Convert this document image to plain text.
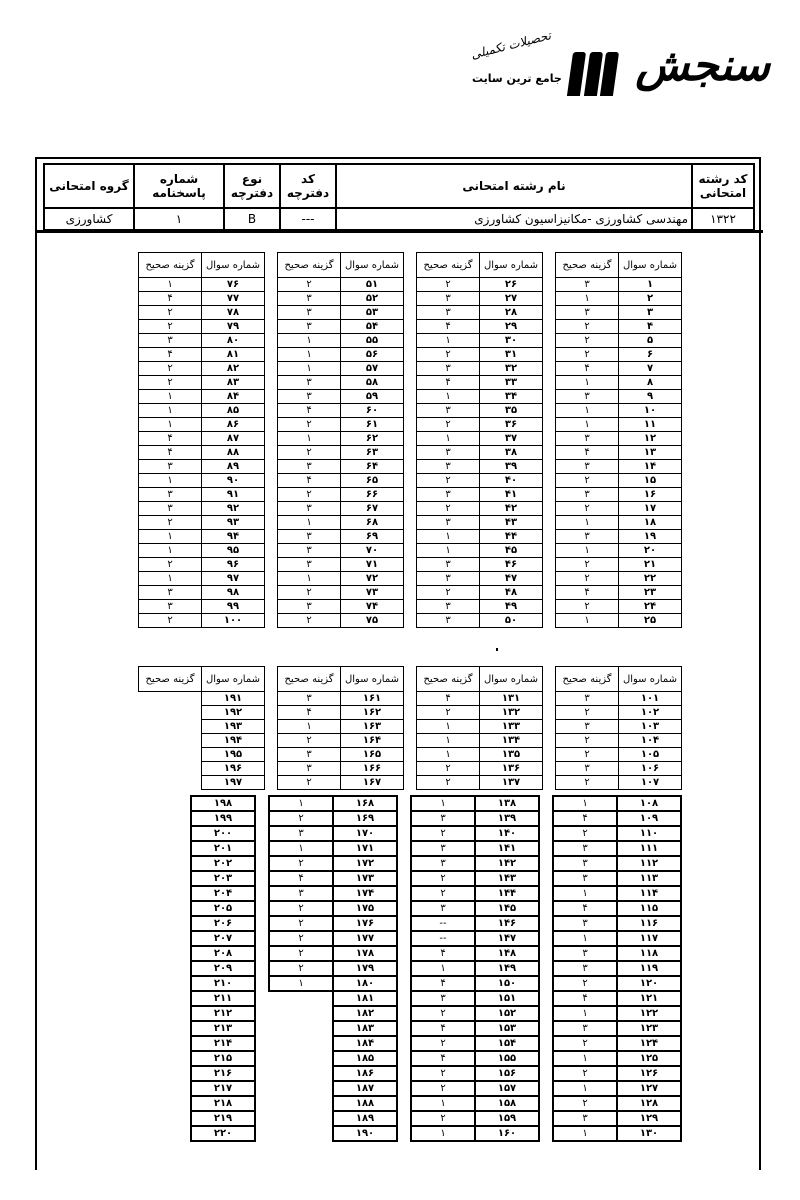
سنجش
جامع ترین سایت
تحصیلات تکمیلی
کد رشته امتحانی	نام رشته امتحانی	کد دفترچه	نوع دفترچه	شماره پاسخنامه	گروه امتحانی
۱۳۲۲	مهندسی کشاورزی -مکانیزاسیون کشاورزی	---	B	۱	کشاورزی
شماره سوال	گزینه صحیح
۱	۳
۲	۱
۳	۳
۴	۲
۵	۲
۶	۲
۷	۴
۸	۱
۹	۳
۱۰	۱
۱۱	۱
۱۲	۳
۱۳	۴
۱۴	۳
۱۵	۲
۱۶	۳
۱۷	۲
۱۸	۱
۱۹	۳
۲۰	۱
۲۱	۲
۲۲	۲
۲۳	۴
۲۴	۲
۲۵	۱
شماره سوال	گزینه صحیح
۲۶	۲
۲۷	۳
۲۸	۳
۲۹	۴
۳۰	۱
۳۱	۲
۳۲	۳
۳۳	۴
۳۴	۱
۳۵	۳
۳۶	۲
۳۷	۱
۳۸	۳
۳۹	۳
۴۰	۲
۴۱	۳
۴۲	۲
۴۳	۳
۴۴	۱
۴۵	۱
۴۶	۳
۴۷	۳
۴۸	۲
۴۹	۳
۵۰	۳
شماره سوال	گزینه صحیح
۵۱	۲
۵۲	۳
۵۳	۳
۵۴	۳
۵۵	۱
۵۶	۱
۵۷	۱
۵۸	۳
۵۹	۳
۶۰	۴
۶۱	۲
۶۲	۱
۶۳	۲
۶۴	۳
۶۵	۴
۶۶	۲
۶۷	۳
۶۸	۱
۶۹	۳
۷۰	۳
۷۱	۳
۷۲	۱
۷۳	۲
۷۴	۳
۷۵	۲
شماره سوال	گزینه صحیح
۷۶	۱
۷۷	۴
۷۸	۲
۷۹	۲
۸۰	۳
۸۱	۴
۸۲	۲
۸۳	۲
۸۴	۱
۸۵	۱
۸۶	۱
۸۷	۴
۸۸	۴
۸۹	۳
۹۰	۱
۹۱	۳
۹۲	۳
۹۳	۲
۹۴	۱
۹۵	۱
۹۶	۲
۹۷	۱
۹۸	۳
۹۹	۳
۱۰۰	۲
شماره سوال	گزینه صحیح
۱۰۱	۳
۱۰۲	۲
۱۰۳	۳
۱۰۴	۲
۱۰۵	۲
۱۰۶	۳
۱۰۷	۲
شماره سوال	گزینه صحیح
۱۳۱	۴
۱۳۲	۲
۱۳۳	۱
۱۳۴	۱
۱۳۵	۱
۱۳۶	۲
۱۳۷	۲
شماره سوال	گزینه صحیح
۱۶۱	۳
۱۶۲	۴
۱۶۳	۱
۱۶۴	۲
۱۶۵	۳
۱۶۶	۳
۱۶۷	۲
شماره سوال	گزینه صحیح
۱۹۱	
۱۹۲	
۱۹۳	
۱۹۴	
۱۹۵	
۱۹۶	
۱۹۷	
۱۰۸	۱
۱۰۹	۴
۱۱۰	۲
۱۱۱	۳
۱۱۲	۳
۱۱۳	۳
۱۱۴	۱
۱۱۵	۴
۱۱۶	۳
۱۱۷	۱
۱۱۸	۳
۱۱۹	۳
۱۲۰	۲
۱۲۱	۴
۱۲۲	۱
۱۲۳	۳
۱۲۴	۲
۱۲۵	۱
۱۲۶	۲
۱۲۷	۱
۱۲۸	۲
۱۲۹	۳
۱۳۰	۱
۱۳۸	۱
۱۳۹	۳
۱۴۰	۲
۱۴۱	۳
۱۴۲	۳
۱۴۳	۲
۱۴۴	۲
۱۴۵	۳
۱۴۶	--
۱۴۷	--
۱۴۸	۴
۱۴۹	۱
۱۵۰	۴
۱۵۱	۳
۱۵۲	۲
۱۵۳	۴
۱۵۴	۲
۱۵۵	۴
۱۵۶	۲
۱۵۷	۲
۱۵۸	۱
۱۵۹	۲
۱۶۰	۱
۱۶۸	۱
۱۶۹	۲
۱۷۰	۳
۱۷۱	۱
۱۷۲	۲
۱۷۳	۴
۱۷۴	۳
۱۷۵	۲
۱۷۶	۲
۱۷۷	۲
۱۷۸	۲
۱۷۹	۲
۱۸۰	۱
۱۸۱	
۱۸۲	
۱۸۳	
۱۸۴	
۱۸۵	
۱۸۶	
۱۸۷	
۱۸۸	
۱۸۹	
۱۹۰	
۱۹۸	
۱۹۹	
۲۰۰	
۲۰۱	
۲۰۲	
۲۰۳	
۲۰۴	
۲۰۵	
۲۰۶	
۲۰۷	
۲۰۸	
۲۰۹	
۲۱۰	
۲۱۱	
۲۱۲	
۲۱۳	
۲۱۴	
۲۱۵	
۲۱۶	
۲۱۷	
۲۱۸	
۲۱۹	
۲۲۰	
